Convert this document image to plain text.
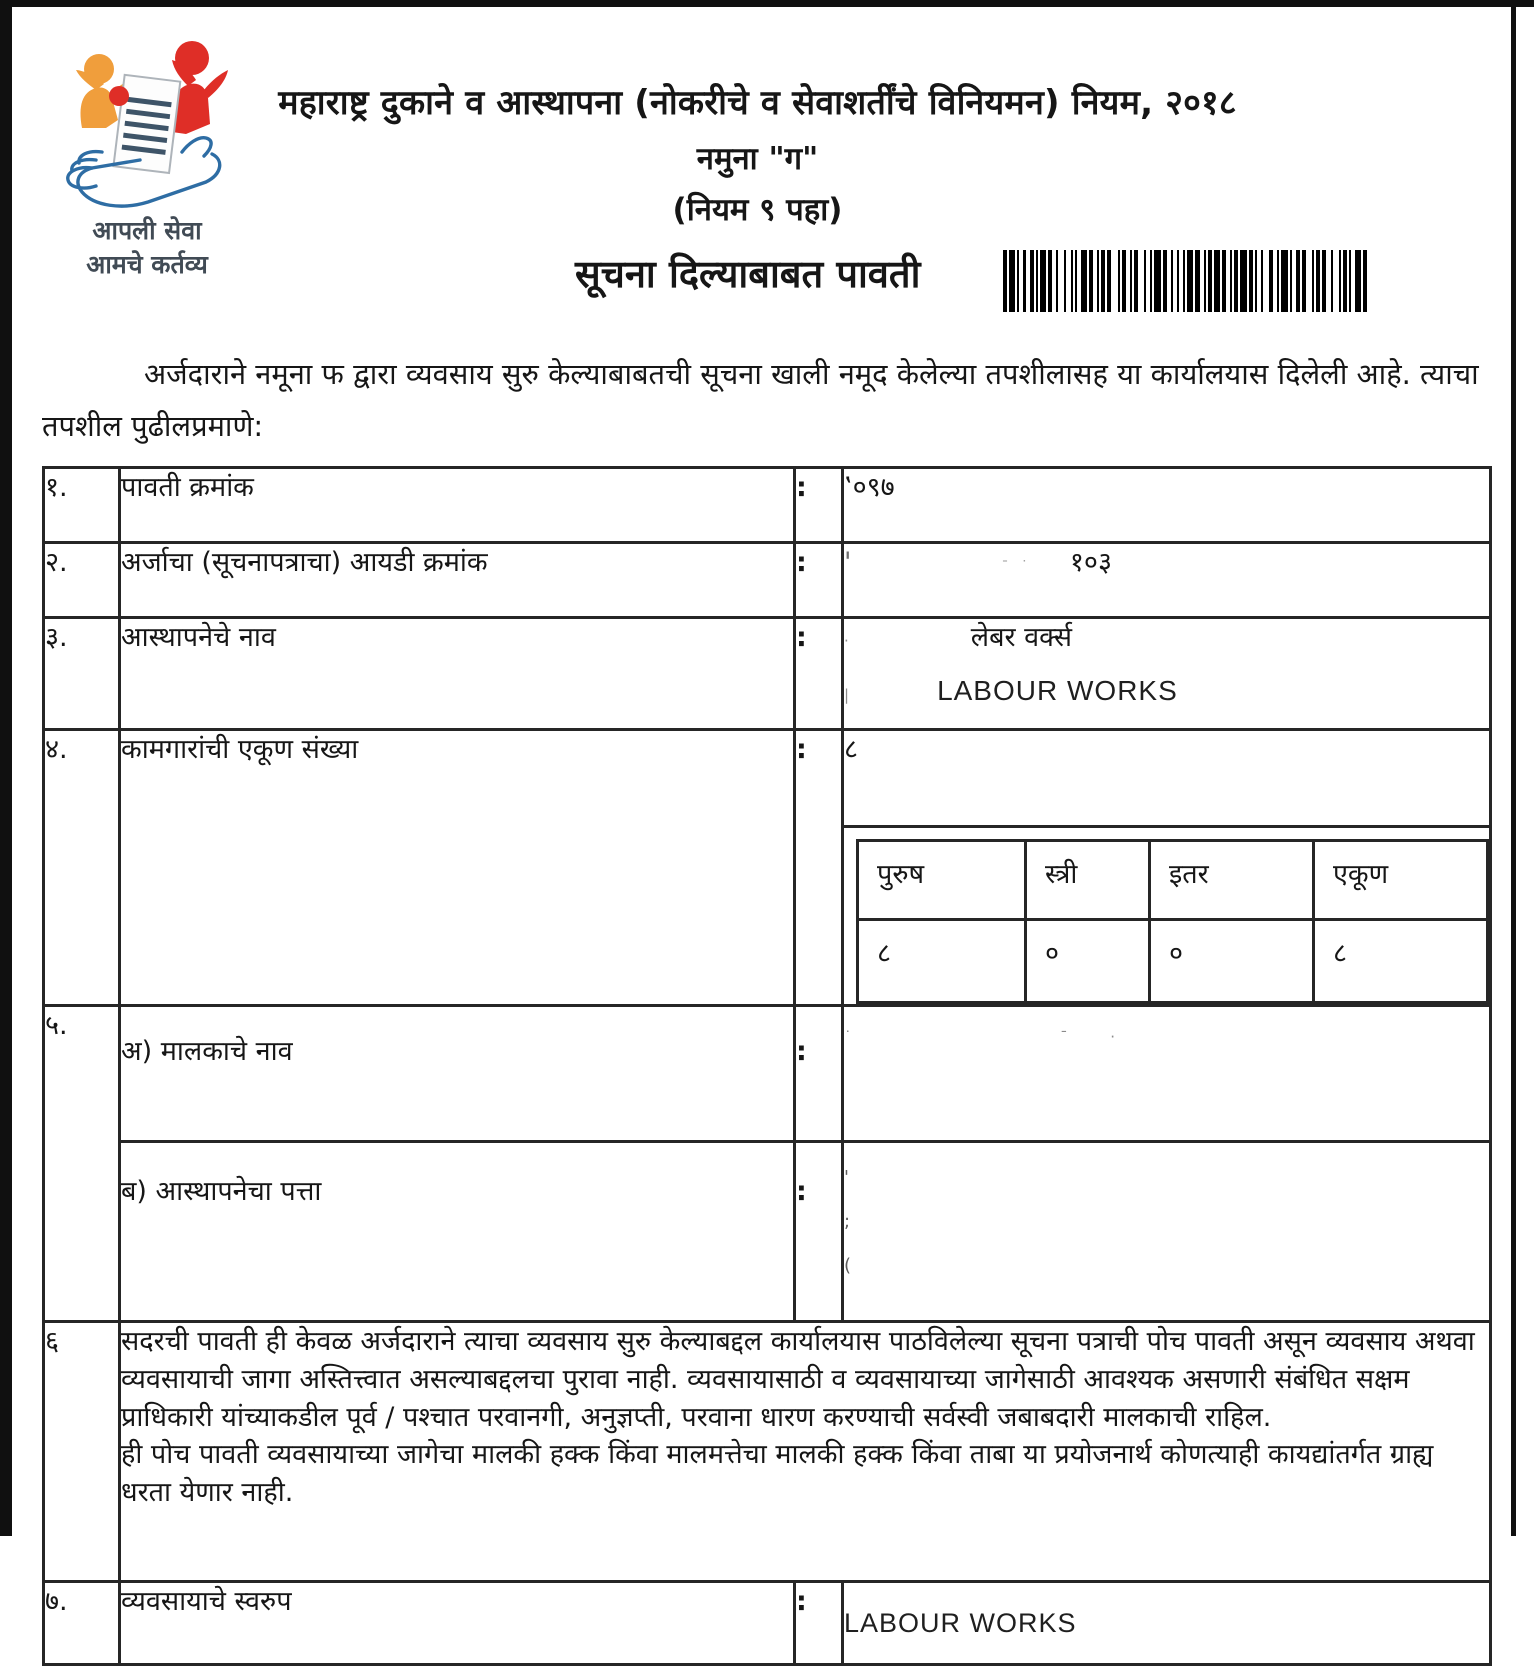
आपली सेवा
आमचे कर्तव्य
महाराष्ट्र दुकाने व आस्थापना (नोकरीचे व सेवाशर्तींचे विनियमन) नियम, २०१८
नमुना "ग"
(नियम ९ पहा)
सूचना दिल्याबाबत पावती
अर्जदाराने नमूना फ द्वारा व्यवसाय सुरु केल्याबाबतची सूचना खाली नमूद केलेल्या तपशीलासह या कार्यालयास दिलेली आहे. त्याचा तपशील पुढीलप्रमाणे:
१.	पावती क्रमांक	:	‛०९७
२.	अर्जाचा (सूचनापत्राचा) आयडी क्रमांक	:	'	¯ ˙ १०३
३.	आस्थापनेचे नाव	:	·	लेबर वर्क्स
|	LABOUR WORKS

४.	कामगारांची एकूण संख्या	:	८

पुरुष	स्त्री	इतर	एकूण
८	०	०	८

५.	अ) मालकाचे नाव	:	˙	¯	·
ब) आस्थापनेचा पत्ता	:	'
;
(

६	सदरची पावती ही केवळ अर्जदाराने त्याचा व्यवसाय सुरु केल्याबद्दल कार्यालयास पाठविलेल्या सूचना पत्राची पोच पावती असून व्यवसाय अथवा व्यवसायाची जागा अस्तित्त्वात असल्याबद्दलचा पुरावा नाही. व्यवसायासाठी व व्यवसायाच्या जागेसाठी आवश्यक असणारी संबंधित सक्षम प्राधिकारी यांच्याकडील पूर्व / पश्चात परवानगी, अनुज्ञप्ती, परवाना धारण करण्याची सर्वस्वी जबाबदारी मालकाची राहिल.

ही पोच पावती व्यवसायाच्या जागेचा मालकी हक्क किंवा मालमत्तेचा मालकी हक्क किंवा ताबा या प्रयोजनार्थ कोणत्याही कायद्यांतर्गत ग्राह्य धरता येणार नाही.

७.	व्यवसायाचे स्वरुप	:	LABOUR WORKS
